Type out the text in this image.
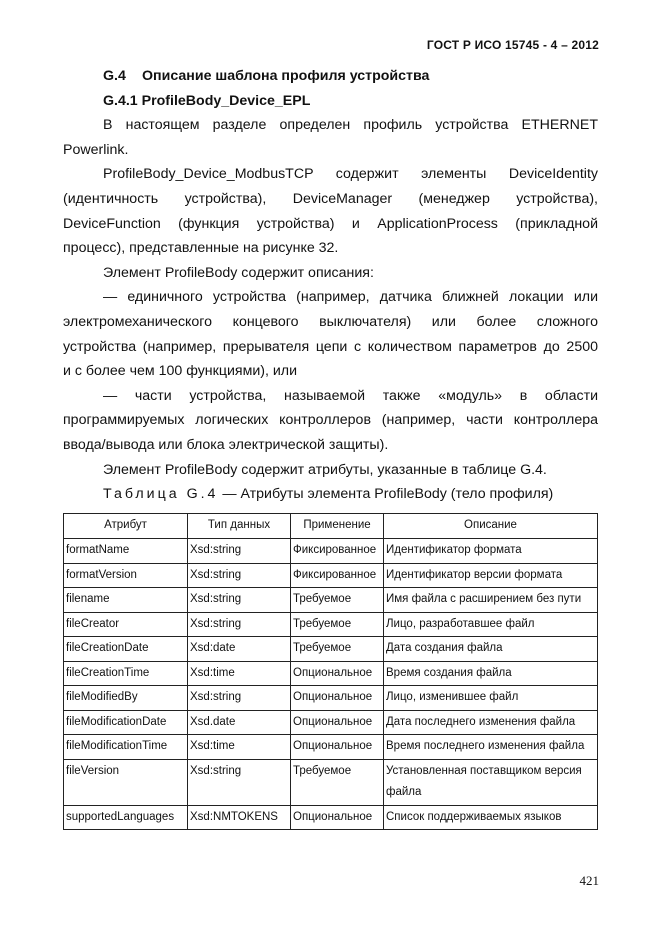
ГОСТ Р ИСО 15745 - 4 – 2012
G.4 Описание шаблона профиля устройства
G.4.1 ProfileBody_Device_EPL
В настоящем разделе определен профиль устройства ETHERNET
Powerlink.
ProfileBody_Device_ModbusTCP содержит элементы DeviceIdentity
(идентичность устройства), DeviceManager (менеджер устройства),
DeviceFunction (функция устройства) и ApplicationProcess (прикладной
процесс), представленные на рисунке 32.
Элемент ProfileBody содержит описания:
— единичного устройства (например, датчика ближней локации или
электромеханического концевого выключателя) или более сложного
устройства (например, прерывателя цепи с количеством параметров до 2500
и с более чем 100 функциями), или
— части устройства, называемой также «модуль» в области
программируемых логических контроллеров (например, части контроллера
ввода/вывода или блока электрической защиты).
Элемент ProfileBody содержит атрибуты, указанные в таблице G.4.
Таблица G.4 — Атрибуты элемента ProfileBody (тело профиля)
Атрибут	Тип данных	Применение	Описание
formatName	Xsd:string	Фиксированное	Идентификатор формата
formatVersion	Xsd:string	Фиксированное	Идентификатор версии формата
filename	Xsd:string	Требуемое	Имя файла с расширением без пути
fileCreator	Xsd:string	Требуемое	Лицо, разработавшее файл
fileCreationDate	Xsd:date	Требуемое	Дата создания файла
fileCreationTime	Xsd:time	Опциональное	Время создания файла
fileModifiedBy	Xsd:string	Опциональное	Лицо, изменившее файл
fileModificationDate	Xsd.date	Опциональное	Дата последнего изменения файла
fileModificationTime	Xsd:time	Опциональное	Время последнего изменения файла
fileVersion	Xsd:string	Требуемое	Установленная поставщиком версия файла
supportedLanguages	Xsd:NMTOKENS	Опциональное	Список поддерживаемых языков
421
